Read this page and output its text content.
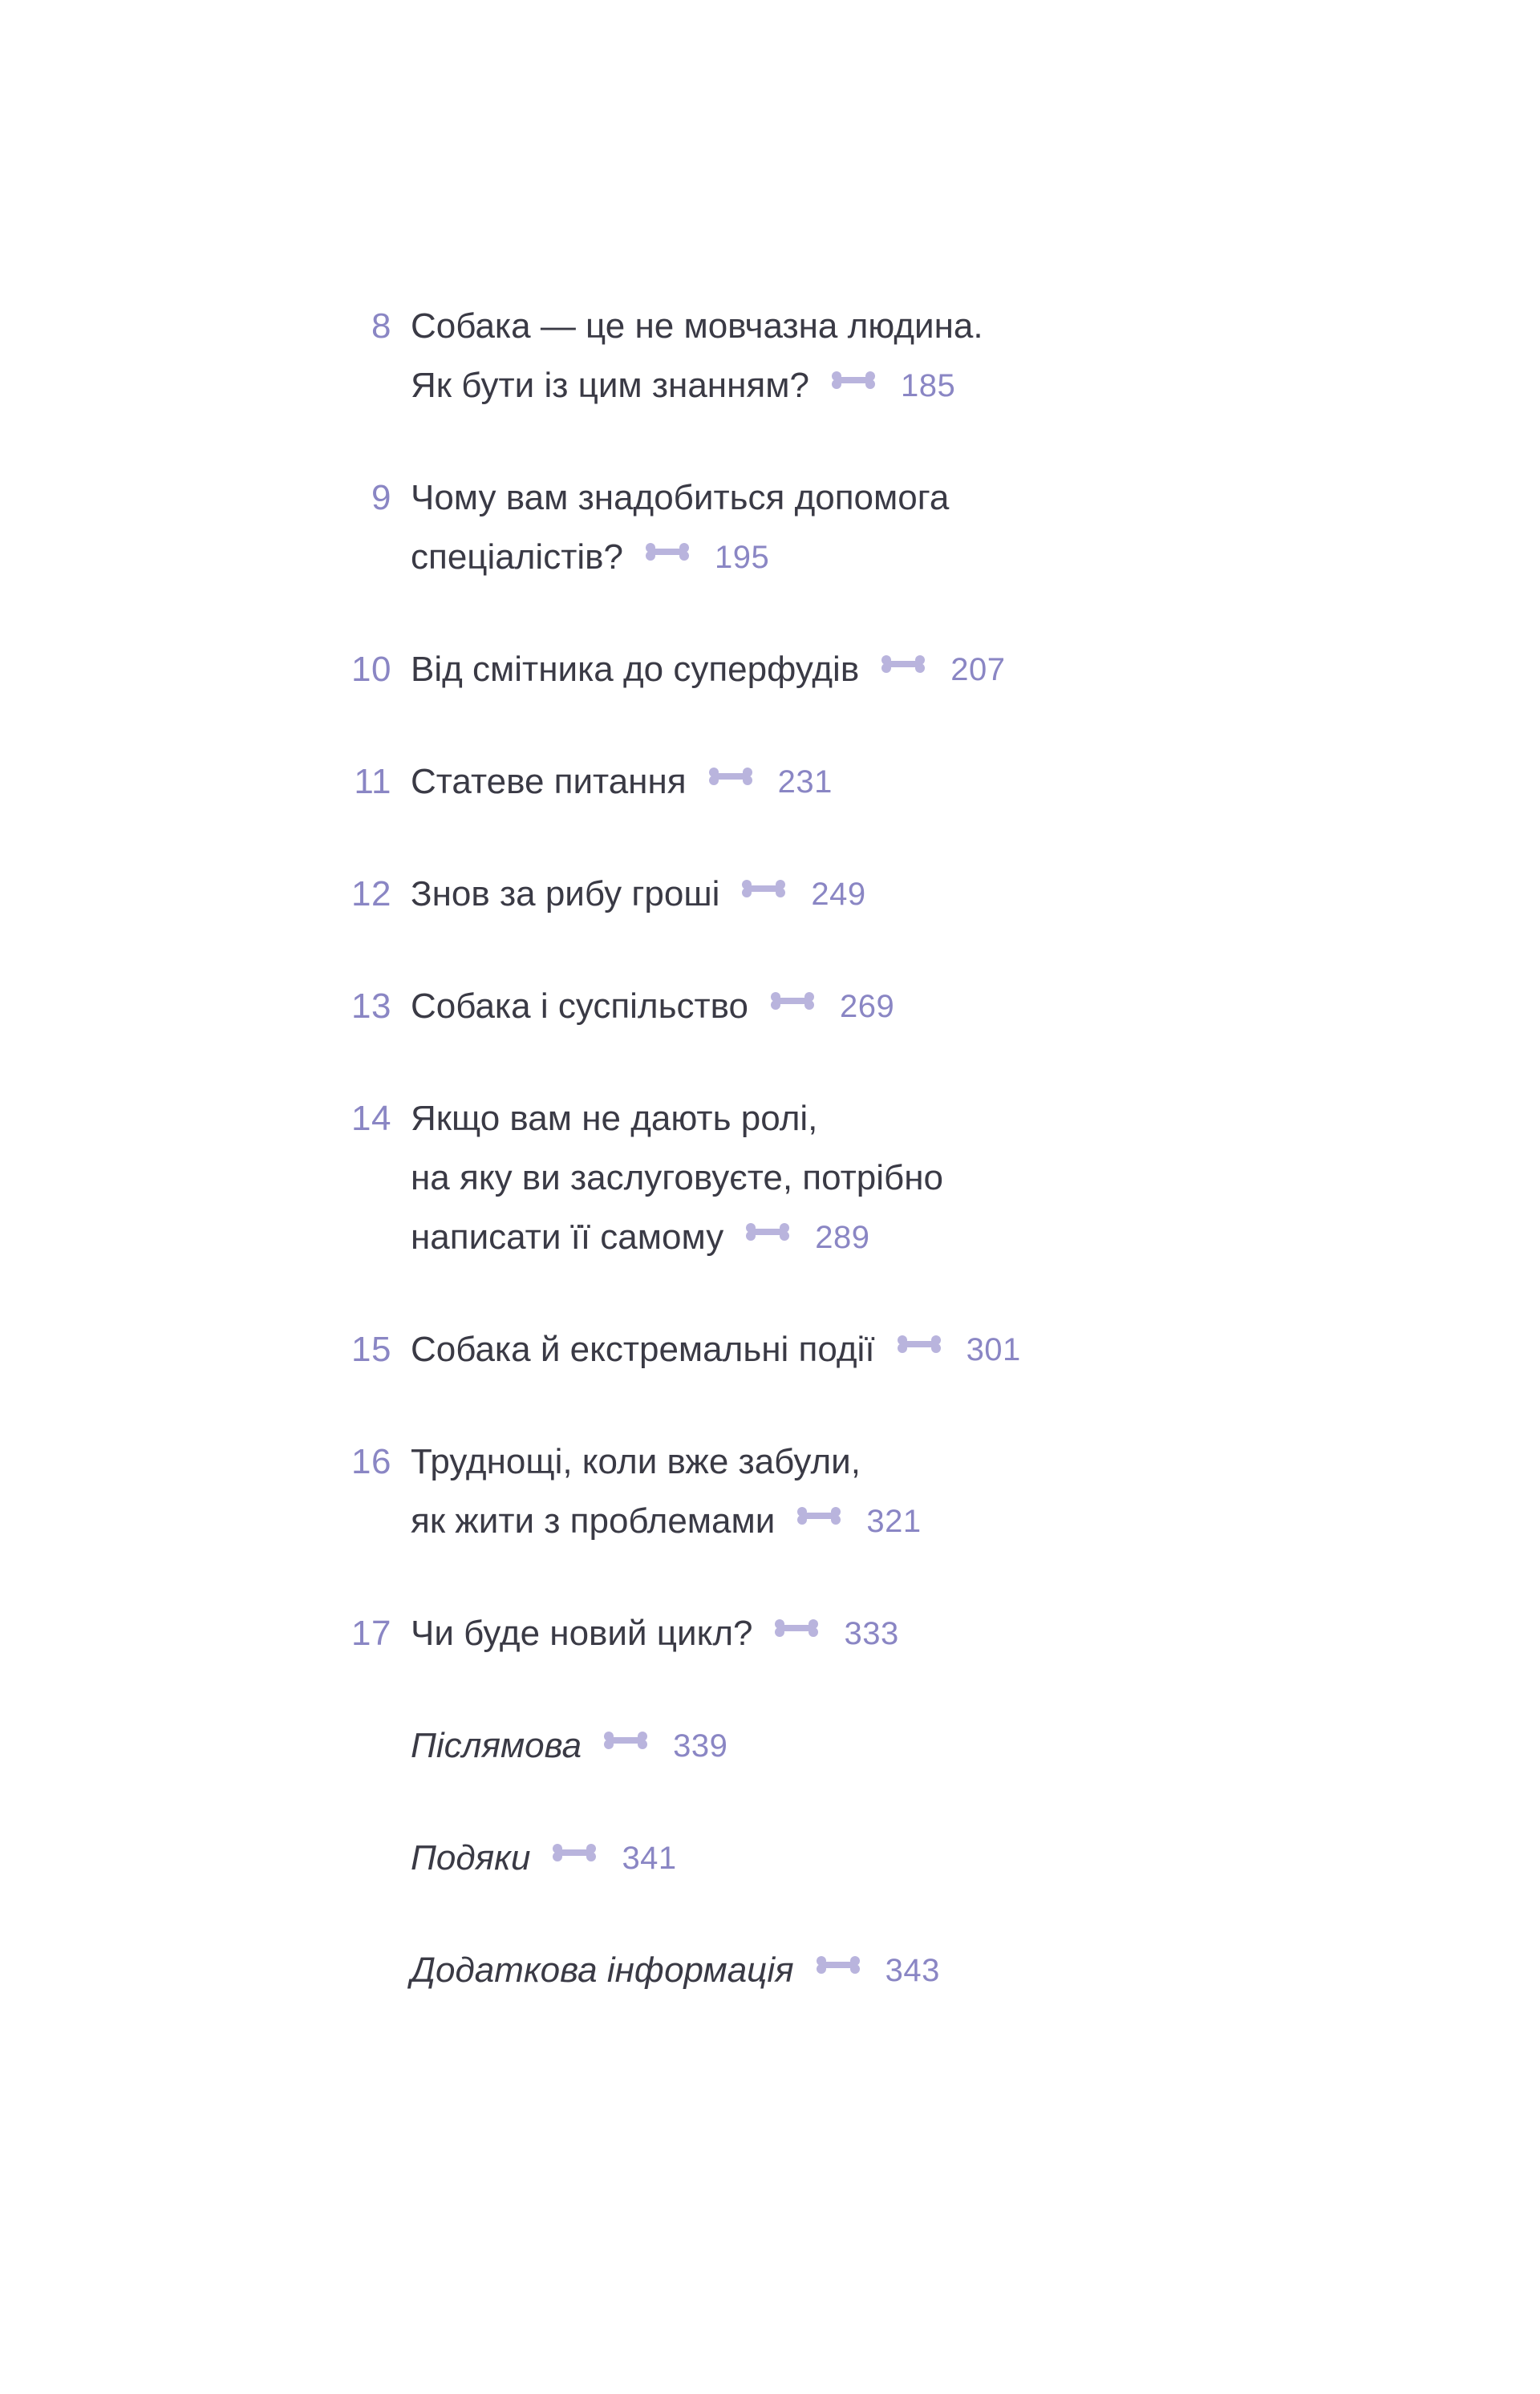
8 Собака — це не мовчазна людина.
Як бути із цим знанням?	185
9 Чому вам знадобиться допомога
спеціалістів?	195
10 Від смітника до суперфудів	207
11 Статеве питання	231
12 Знов за рибу гроші	249
13 Собака і суспільство	269
14 Якщо вам не дають ролі,
на яку ви заслуговуєте, потрібно
написати її самому	289
15 Собака й екстремальні події	301
16 Труднощі, коли вже забули,
як жити з проблемами	321
17 Чи буде новий цикл?	333
Післямова	339
Подяки	341
Додаткова інформація	343
